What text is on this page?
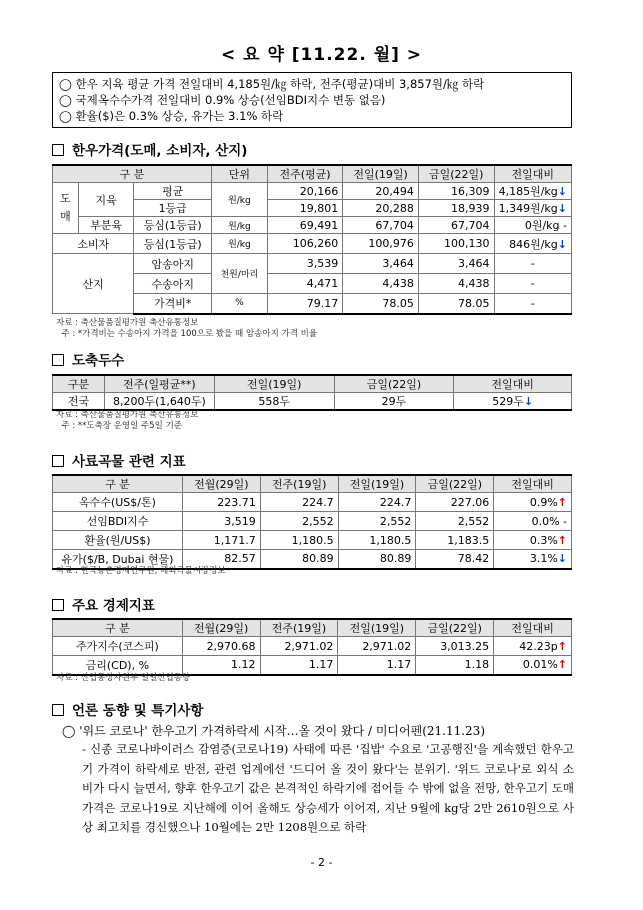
< 요 약 [11.22. 월] >
◯ 한우 지육 평균 가격 전일대비 4,185원/㎏ 하락, 전주(평균)대비 3,857원/㎏ 하락
◯ 국제옥수수가격 전일대비 0.9% 상승(선임BDI지수 변동 없음)
◯ 환율($)은 0.3% 상승, 유가는 3.1% 하락
한우가격(도매, 소비자, 산지)
구 분			단위	전주(평균)	전일(19일)	금일(22일)	전일대비
도
매	지육	평균	원/kg	20,166	20,494	16,309	4,185원/kg↓
		1등급		19,801	20,288	18,939	1,349원/kg↓
	부분육	등심(1등급)	원/kg	69,491	67,704	67,704	0원/kg -
소비자		등심(1등급)	원/kg	106,260	100,976	100,130	846원/kg↓
산지		암송아지	천원/마리	3,539	3,464	3,464	-
		수송아지		4,471	4,438	4,438	-
		가격비*	%	79.17	78.05	78.05	-
자료 : 축산물품질평가원 축산유통정보
주 : *가격비는 수송아지 가격을 100으로 봤을 때 암송아지 가격 비율
도축두수
구분	전주(일평균**)	전일(19일)	금일(22일)	전일대비
전국	8,200두(1,640두)	558두	29두	529두↓
자료 : 축산물품질평가원 축산유통정보
주 : **도축장 운영일 주5일 기준
사료곡물 관련 지표
구 분	전월(29일)	전주(19일)	전일(19일)	금일(22일)	전일대비
옥수수(US$/톤)	223.71	224.7	224.7	227.06	0.9%↑
선임BDI지수	3,519	2,552	2,552	2,552	0.0% -
환율(원/US$)	1,171.7	1,180.5	1,180.5	1,183.5	0.3%↑
유가($/B, Dubai 현물)	82.57	80.89	80.89	78.42	3.1%↓
자료 : 한국농촌경제연구원, 해외곡물시장정보
주요 경제지표
구 분	전월(29일)	전주(19일)	전일(19일)	금일(22일)	전일대비
주가지수(코스피)	2,970.68	2,971.02	2,971.02	3,013.25	42.23p↑
금리(CD), %	1.12	1.17	1.17	1.18	0.01%↑
자료 : 산업통상자원부 일일산업동향
언론 동향 및 특기사항
◯ '위드 코로나' 한우고기 가격하락세 시작…올 것이 왔다 / 미디어펜(21.11.23)
- 신종 코로나바이러스 감염증(코로나19) 사태에 따른 '집밥' 수요로 '고공행진'을 계속했던 한우고기 가격이 하락세로 반전, 관련 업계에선 '드디어 올 것이 왔다'는 분위기. '위드 코로나'로 외식 소비가 다시 늘면서, 향후 한우고기 값은 본격적인 하락기에 접어들 수 밖에 없을 전망, 한우고기 도매가격은 코로나19로 지난해에 이어 올해도 상승세가 이어져, 지난 9월에 kg당 2만 2610원으로 사상 최고치를 경신했으나 10월에는 2만 1208원으로 하락
- 2 -
